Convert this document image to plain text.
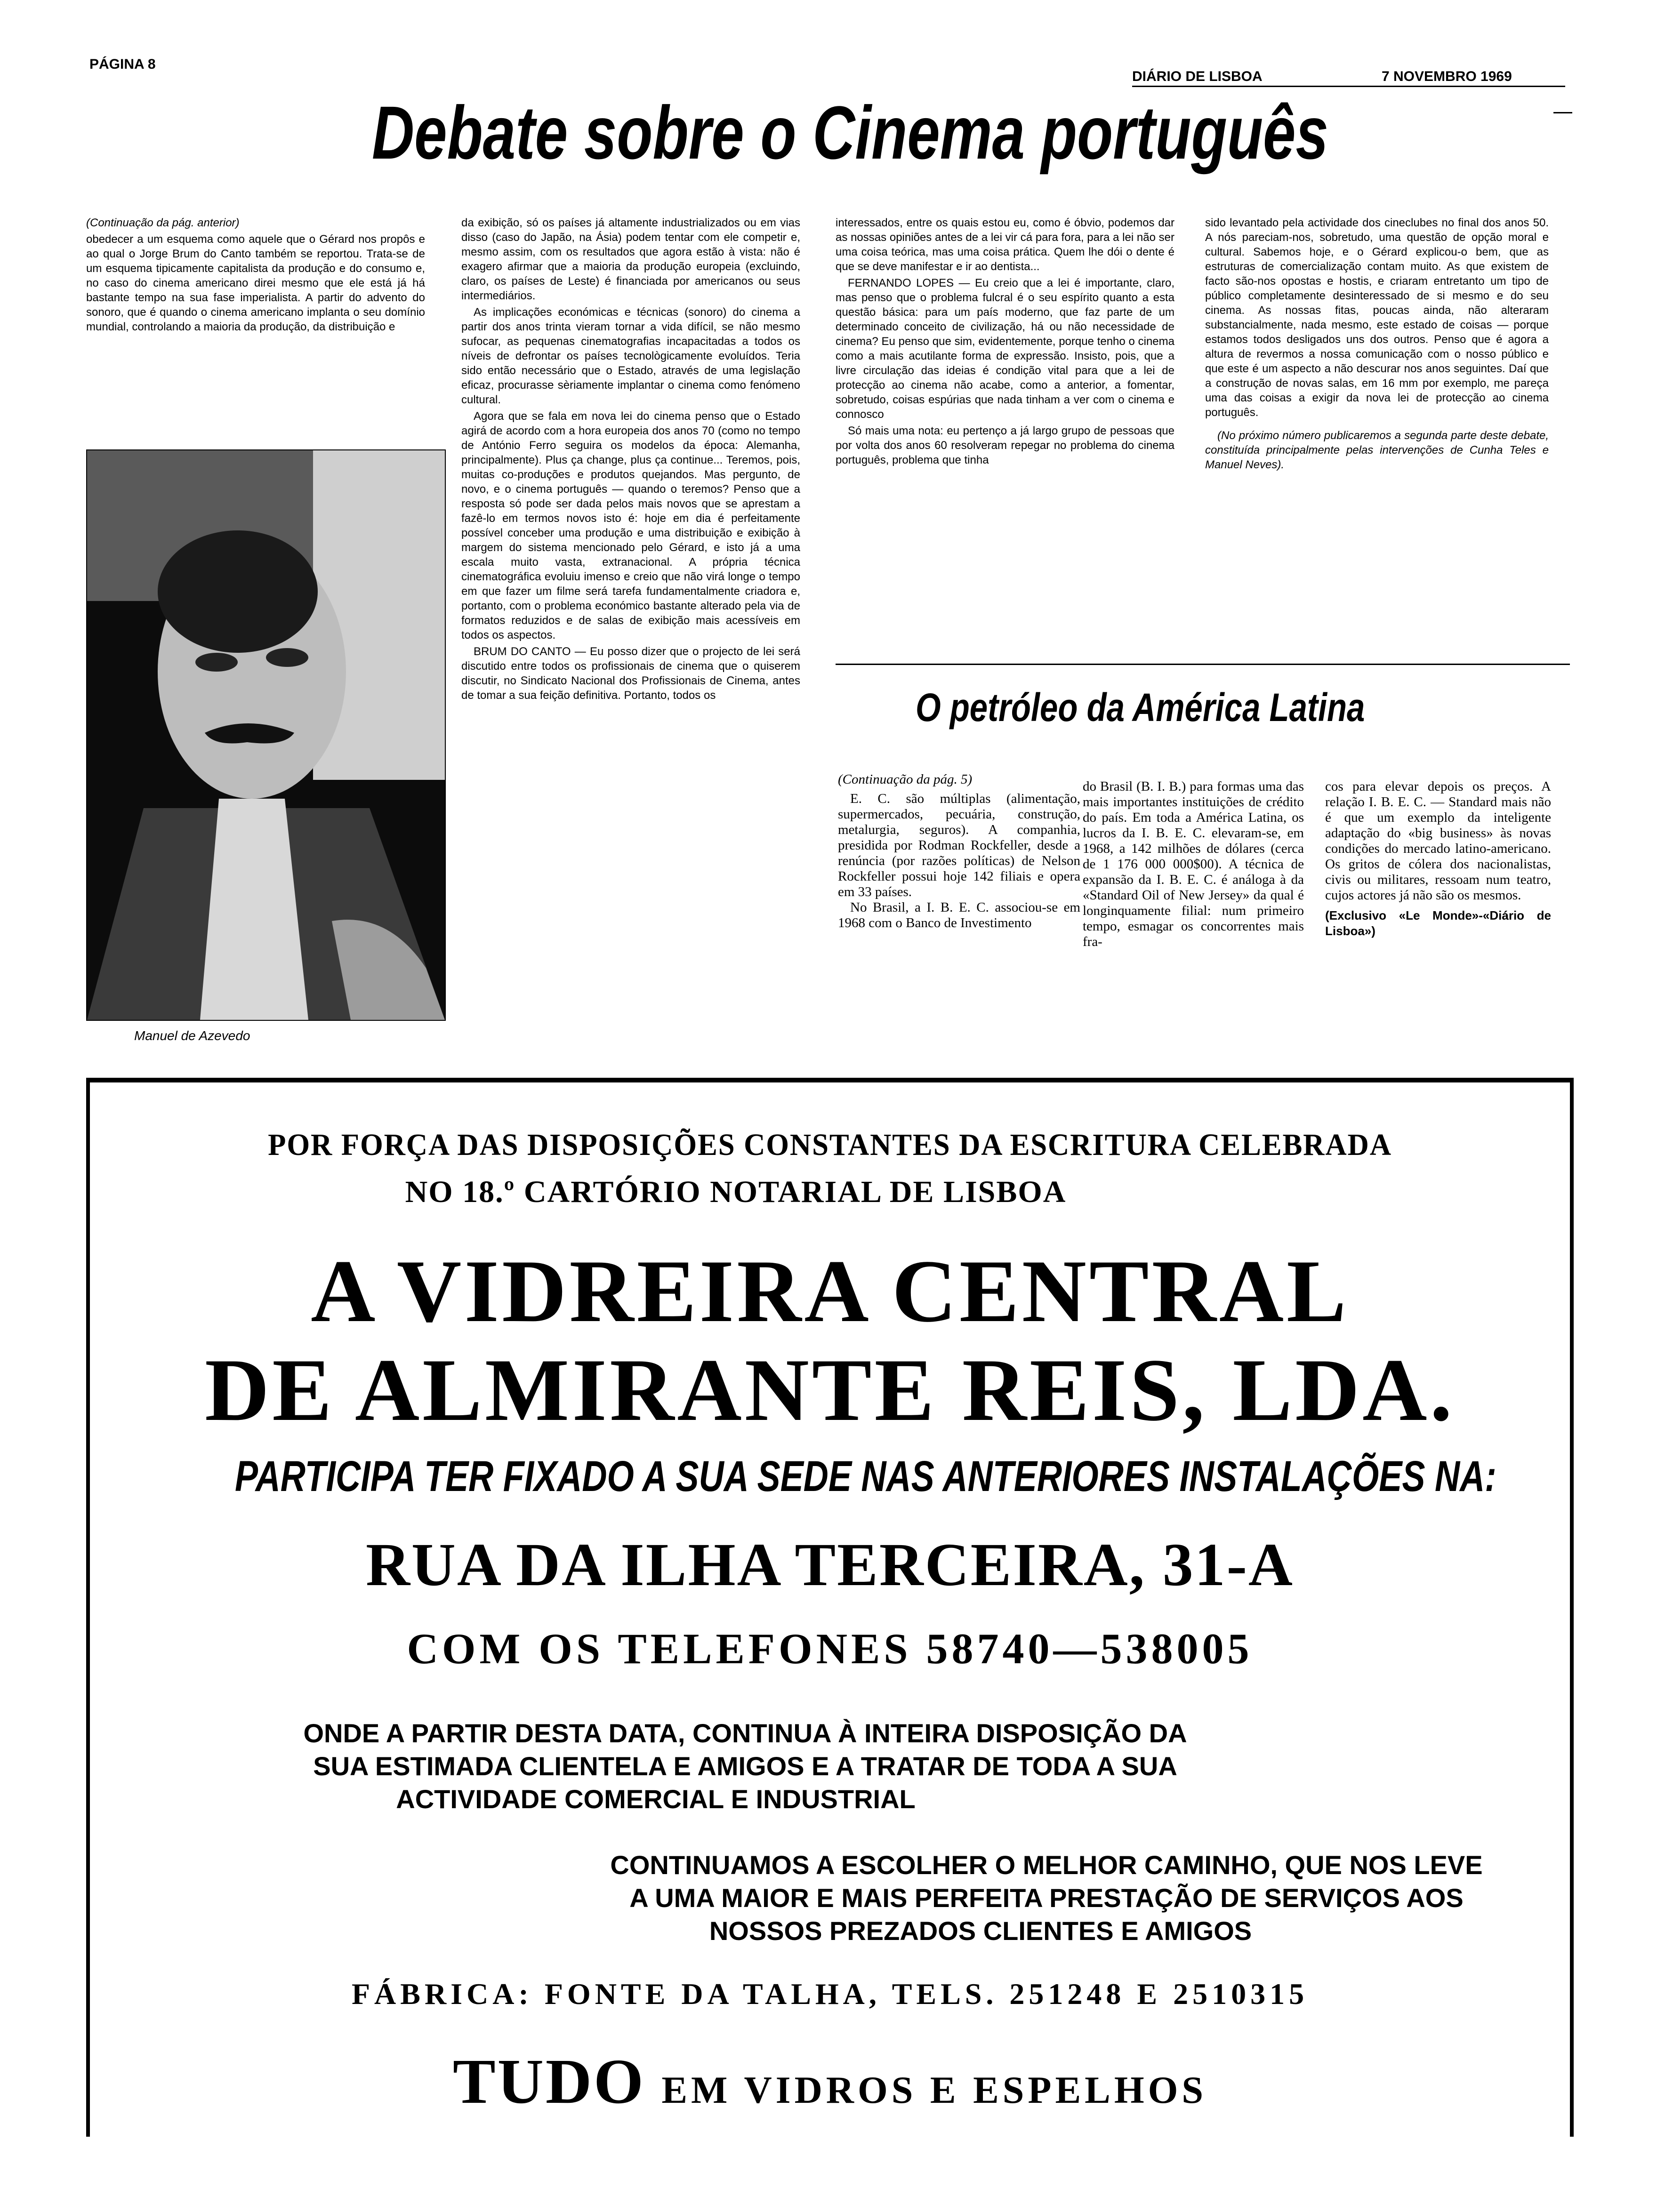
PÁGINA 8
DIÁRIO DE LISBOA	7 NOVEMBRO 1969
Debate sobre o Cinema português

(Continuação da pág. anterior)

obedecer a um esquema como aquele que o Gérard nos propôs e ao qual o Jorge Brum do Canto também se reportou. Trata-se de um esquema tipicamente capitalista da produção e do consumo e, no caso do cinema americano direi mesmo que ele está já há bastante tempo na sua fase imperialista. A partir do advento do sonoro, que é quando o cinema americano implanta o seu domínio mundial, controlando a maioria da produção, da distribuição e

Manuel de Azevedo

da exibição, só os países já altamente industrializados ou em vias disso (caso do Japão, na Ásia) podem tentar com ele competir e, mesmo assim, com os resultados que agora estão à vista: não é exagero afirmar que a maioria da produção europeia (excluindo, claro, os países de Leste) é financiada por americanos ou seus intermediários.

As implicações económicas e técnicas (sonoro) do cinema a partir dos anos trinta vieram tornar a vida difícil, se não mesmo sufocar, as pequenas cinematografias incapacitadas a todos os níveis de defrontar os países tecnològicamente evoluídos. Teria sido então necessário que o Estado, através de uma legislação eficaz, procurasse sèriamente implantar o cinema como fenómeno cultural.

Agora que se fala em nova lei do cinema penso que o Estado agirá de acordo com a hora europeia dos anos 70 (como no tempo de António Ferro seguira os modelos da época: Alemanha, principalmente). Plus ça change, plus ça continue... Teremos, pois, muitas co-produções e produtos quejandos. Mas pergunto, de novo, e o cinema português — quando o teremos? Penso que a resposta só pode ser dada pelos mais novos que se aprestam a fazê-lo em termos novos isto é: hoje em dia é perfeitamente possível conceber uma produção e uma distribuição e exibição à margem do sistema mencionado pelo Gérard, e isto já a uma escala muito vasta, extranacional. A própria técnica cinematográfica evoluiu imenso e creio que não virá longe o tempo em que fazer um filme será tarefa fundamentalmente criadora e, portanto, com o problema económico bastante alterado pela via de formatos reduzidos e de salas de exibição mais acessíveis em todos os aspectos.

BRUM DO CANTO — Eu posso dizer que o projecto de lei será discutido entre todos os profissionais de cinema que o quiserem discutir, no Sindicato Nacional dos Profissionais de Cinema, antes de tomar a sua feição definitiva. Portanto, todos os

interessados, entre os quais estou eu, como é óbvio, podemos dar as nossas opiniões antes de a lei vir cá para fora, para a lei não ser uma coisa teórica, mas uma coisa prática. Quem lhe dói o dente é que se deve manifestar e ir ao dentista...

FERNANDO LOPES — Eu creio que a lei é importante, claro, mas penso que o problema fulcral é o seu espírito quanto a esta questão básica: para um país moderno, que faz parte de um determinado conceito de civilização, há ou não necessidade de cinema? Eu penso que sim, evidentemente, porque tenho o cinema como a mais acutilante forma de expressão. Insisto, pois, que a livre circulação das ideias é condição vital para que a lei de protecção ao cinema não acabe, como a anterior, a fomentar, sobretudo, coisas espúrias que nada tinham a ver com o cinema e connosco

Só mais uma nota: eu pertenço a já largo grupo de pessoas que por volta dos anos 60 resolveram repegar no problema do cinema português, problema que tinha

sido levantado pela actividade dos cineclubes no final dos anos 50. A nós pareciam-nos, sobretudo, uma questão de opção moral e cultural. Sabemos hoje, e o Gérard explicou-o bem, que as estruturas de comercialização contam muito. As que existem de facto são-nos opostas e hostis, e criaram entretanto um tipo de público completamente desinteressado de si mesmo e do seu cinema. As nossas fitas, poucas ainda, não alteraram substancialmente, nada mesmo, este estado de coisas — porque estamos todos desligados uns dos outros. Penso que é agora a altura de revermos a nossa comunicação com o nosso público e que este é um aspecto a não descurar nos anos seguintes. Daí que a construção de novas salas, em 16 mm por exemplo, me pareça uma das coisas a exigir da nova lei de protecção ao cinema português.

(No próximo número publicaremos a segunda parte deste debate, constituída principalmente pelas intervenções de Cunha Teles e Manuel Neves).

O petróleo da América Latina

(Continuação da pág. 5)

E. C. são múltiplas (alimentação, supermercados, pecuária, construção, metalurgia, seguros). A companhia, presidida por Rodman Rockfeller, desde a renúncia (por razões políticas) de Nelson Rockfeller possui hoje 142 filiais e opera em 33 países.

No Brasil, a I. B. E. C. associou-se em 1968 com o Banco de Investimento

do Brasil (B. I. B.) para formas uma das mais importantes instituições de crédito do país. Em toda a América Latina, os lucros da I. B. E. C. elevaram-se, em 1968, a 142 milhões de dólares (cerca de 1 176 000 000$00). A técnica de expansão da I. B. E. C. é análoga à da «Standard Oil of New Jersey» da qual é longinquamente filial: num primeiro tempo, esmagar os concorrentes mais fra-

cos para elevar depois os preços. A relação I. B. E. C. — Standard mais não é que um exemplo da inteligente adaptação do «big business» às novas condições do mercado latino-americano. Os gritos de cólera dos nacionalistas, civis ou militares, ressoam num teatro, cujos actores já não são os mesmos.

(Exclusivo «Le Monde»-«Diário de Lisboa»)

POR FORÇA DAS DISPOSIÇÕES CONSTANTES DA ESCRITURA CELEBRADA
NO 18.º CARTÓRIO NOTARIAL DE LISBOA
A VIDREIRA CENTRAL
DE ALMIRANTE REIS, LDA.
PARTICIPA TER FIXADO A SUA SEDE NAS ANTERIORES INSTALAÇÕES NA:
RUA DA ILHA TERCEIRA, 31-A
COM OS TELEFONES 58740—538005
ONDE A PARTIR DESTA DATA, CONTINUA À INTEIRA DISPOSIÇÃO DA
SUA ESTIMADA CLIENTELA E AMIGOS E A TRATAR DE TODA A SUA
ACTIVIDADE COMERCIAL E INDUSTRIAL
CONTINUAMOS A ESCOLHER O MELHOR CAMINHO, QUE NOS LEVE
A UMA MAIOR E MAIS PERFEITA PRESTAÇÃO DE SERVIÇOS AOS
NOSSOS PREZADOS CLIENTES E AMIGOS
FÁBRICA: FONTE DA TALHA, TELS. 251248 E 2510315
TUDO EM VIDROS E ESPELHOS
